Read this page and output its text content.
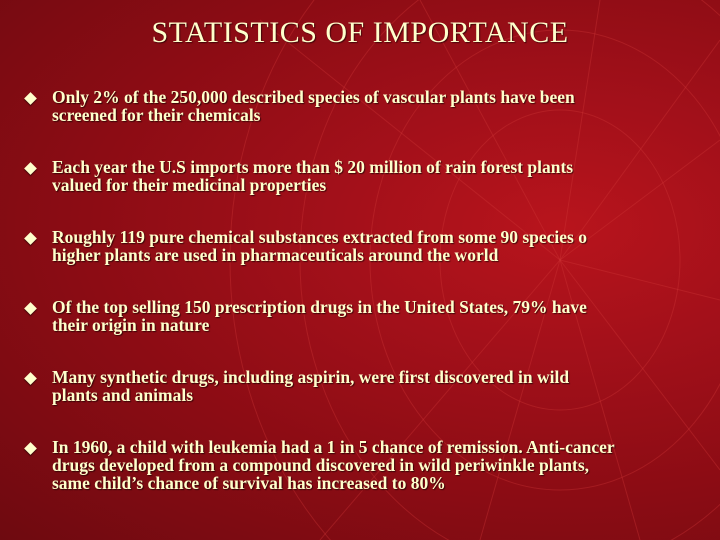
STATISTICS OF IMPORTANCE
Only 2% of the 250,000 described species of vascular plants have been
screened for their chemicals
Each year the U.S imports more than $ 20 million of rain forest plants
valued for their medicinal properties
Roughly 119 pure chemical substances extracted from some 90 species o
higher plants are used in pharmaceuticals around the world
Of the top selling 150 prescription drugs in the United States, 79% have
their origin in nature
Many synthetic drugs, including aspirin, were first discovered in wild
plants and animals
In 1960, a child with leukemia had a 1 in 5 chance of remission. Anti-cancer
drugs developed from a compound discovered in wild periwinkle plants,
same child’s chance of survival has increased to 80%
